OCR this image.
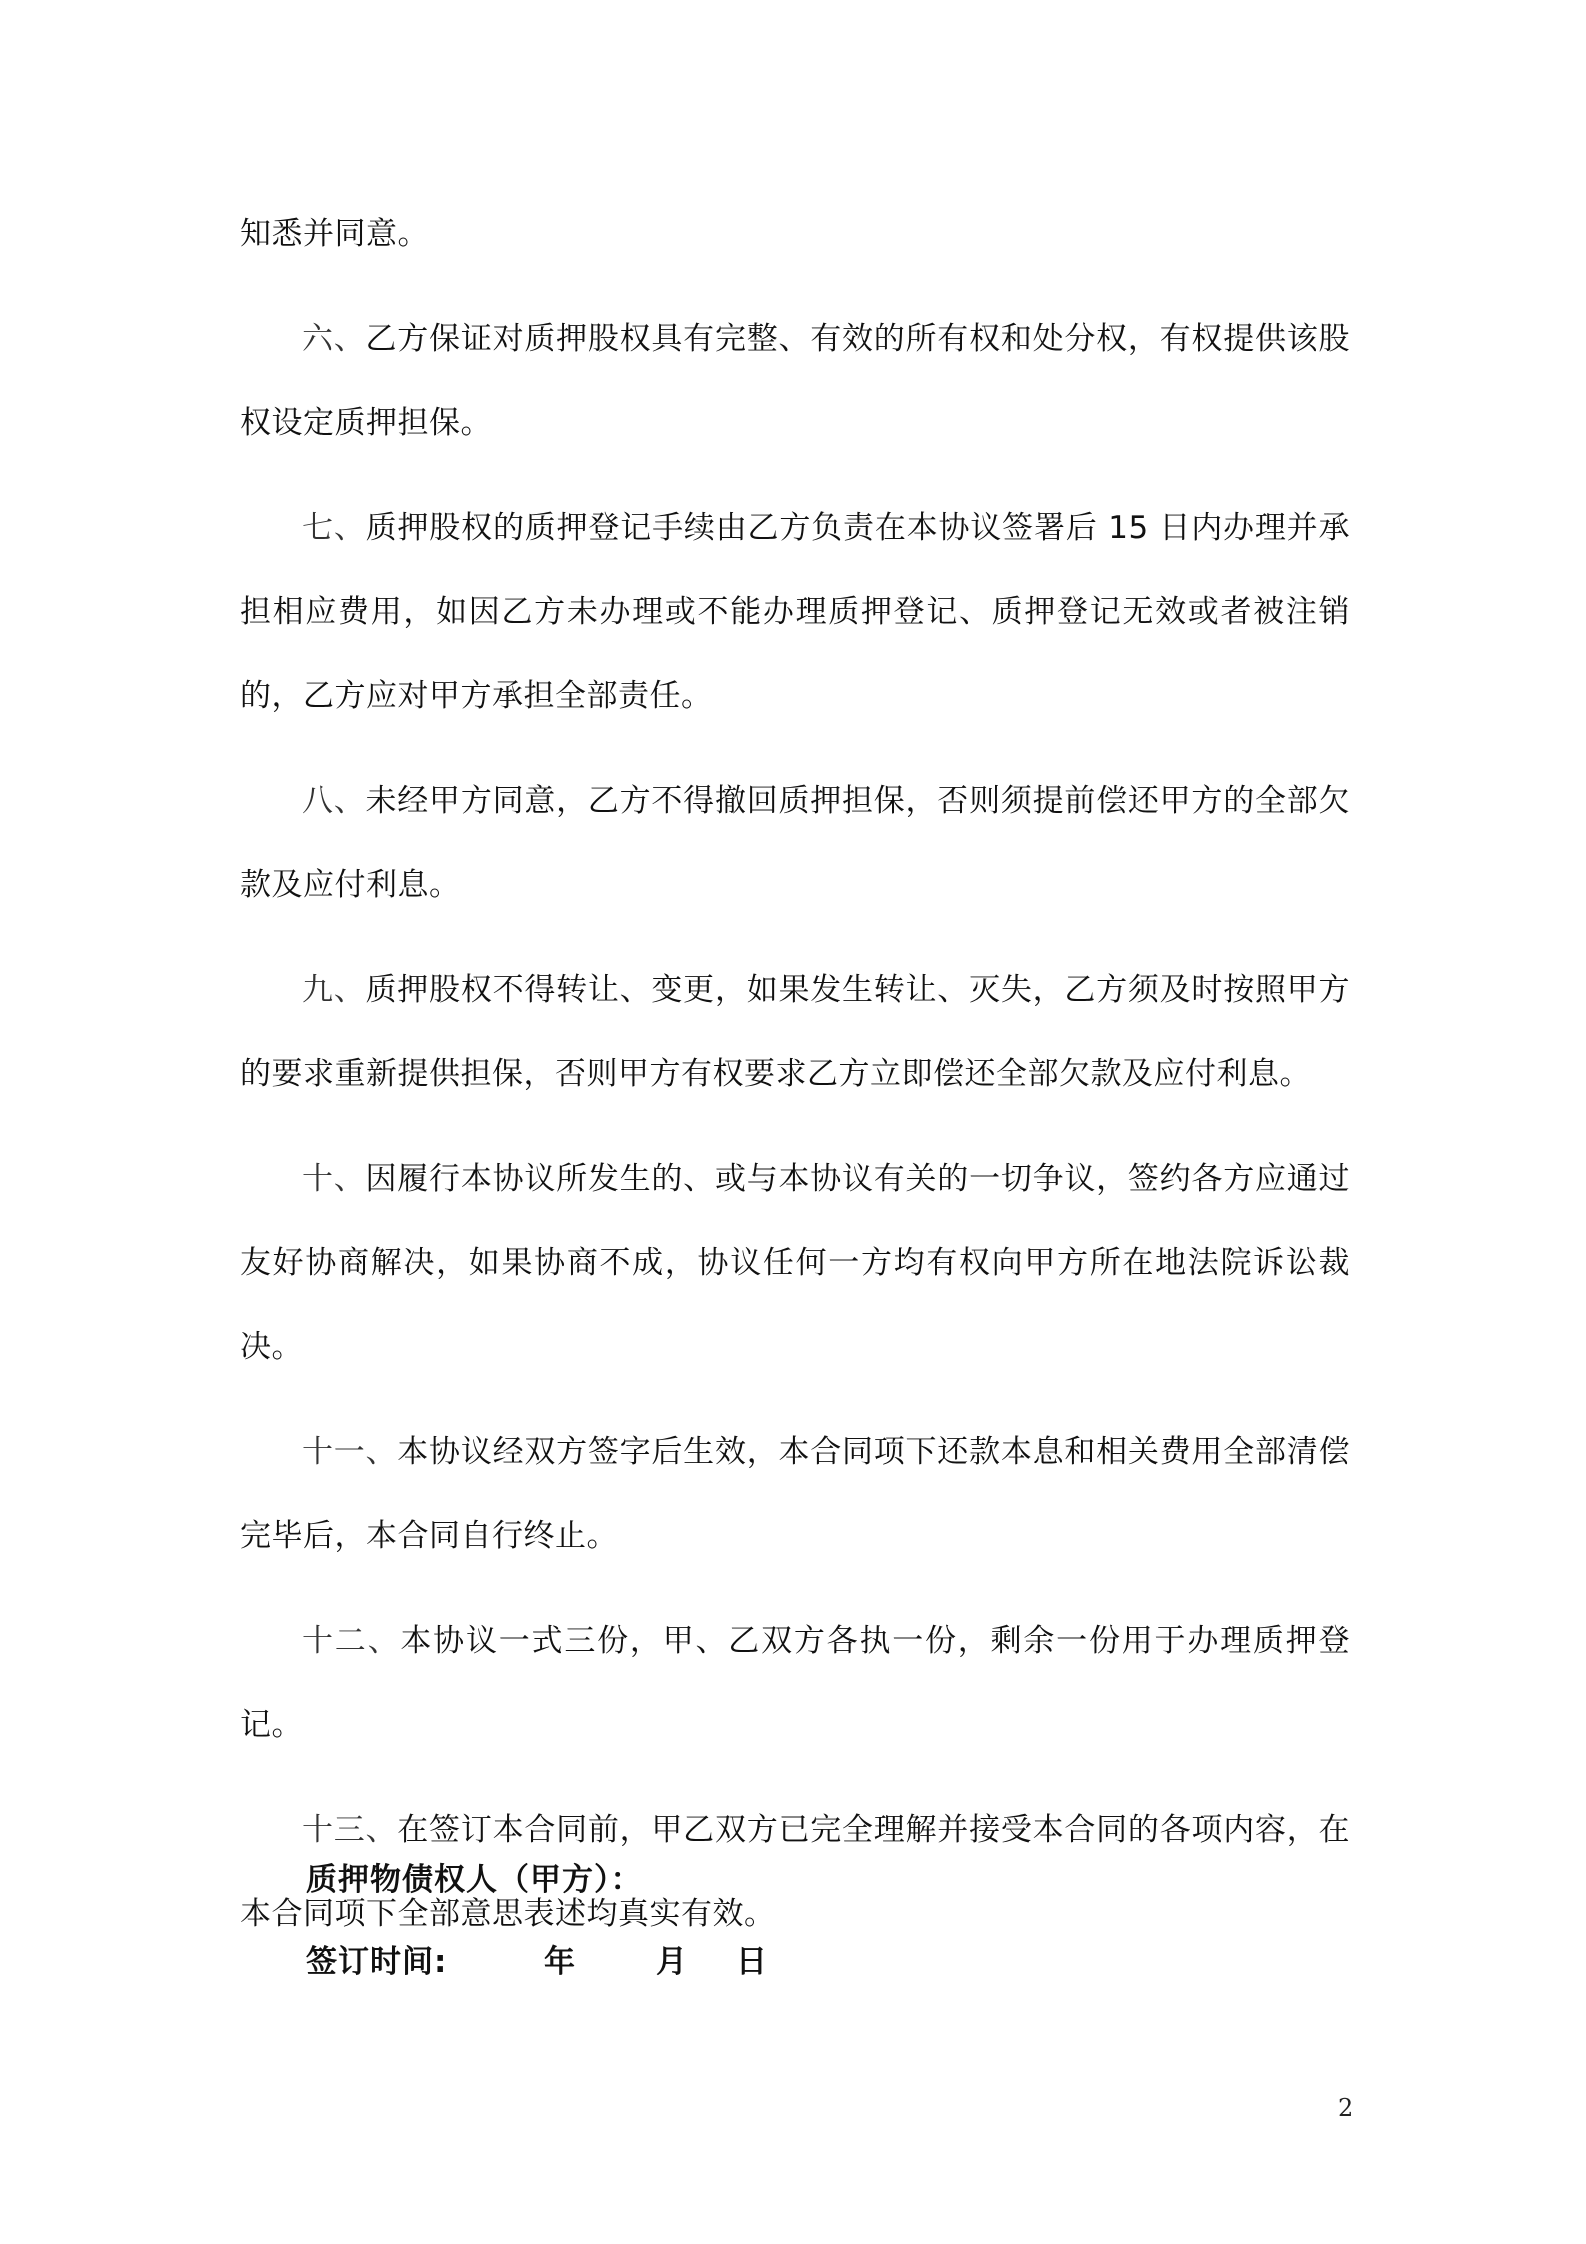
知悉并同意。

六、乙方保证对质押股权具有完整、有效的所有权和处分权，有权提供该股权设定质押担保。

七、质押股权的质押登记手续由乙方负责在本协议签署后 15 日内办理并承担相应费用，如因乙方未办理或不能办理质押登记、质押登记无效或者被注销的，乙方应对甲方承担全部责任。

八、未经甲方同意，乙方不得撤回质押担保，否则须提前偿还甲方的全部欠款及应付利息。

九、质押股权不得转让、变更，如果发生转让、灭失，乙方须及时按照甲方的要求重新提供担保，否则甲方有权要求乙方立即偿还全部欠款及应付利息。

十、因履行本协议所发生的、或与本协议有关的一切争议，签约各方应通过友好协商解决，如果协商不成，协议任何一方均有权向甲方所在地法院诉讼裁决。

十一、本协议经双方签字后生效，本合同项下还款本息和相关费用全部清偿完毕后，本合同自行终止。

十二、本协议一式三份，甲、乙双方各执一份，剩余一份用于办理质押登记。

十三、在签订本合同前，甲乙双方已完全理解并接受本合同的各项内容，在本合同项下全部意思表述均真实有效。

质押物债权人（甲方）：
签订时间:	年	月 日
2
